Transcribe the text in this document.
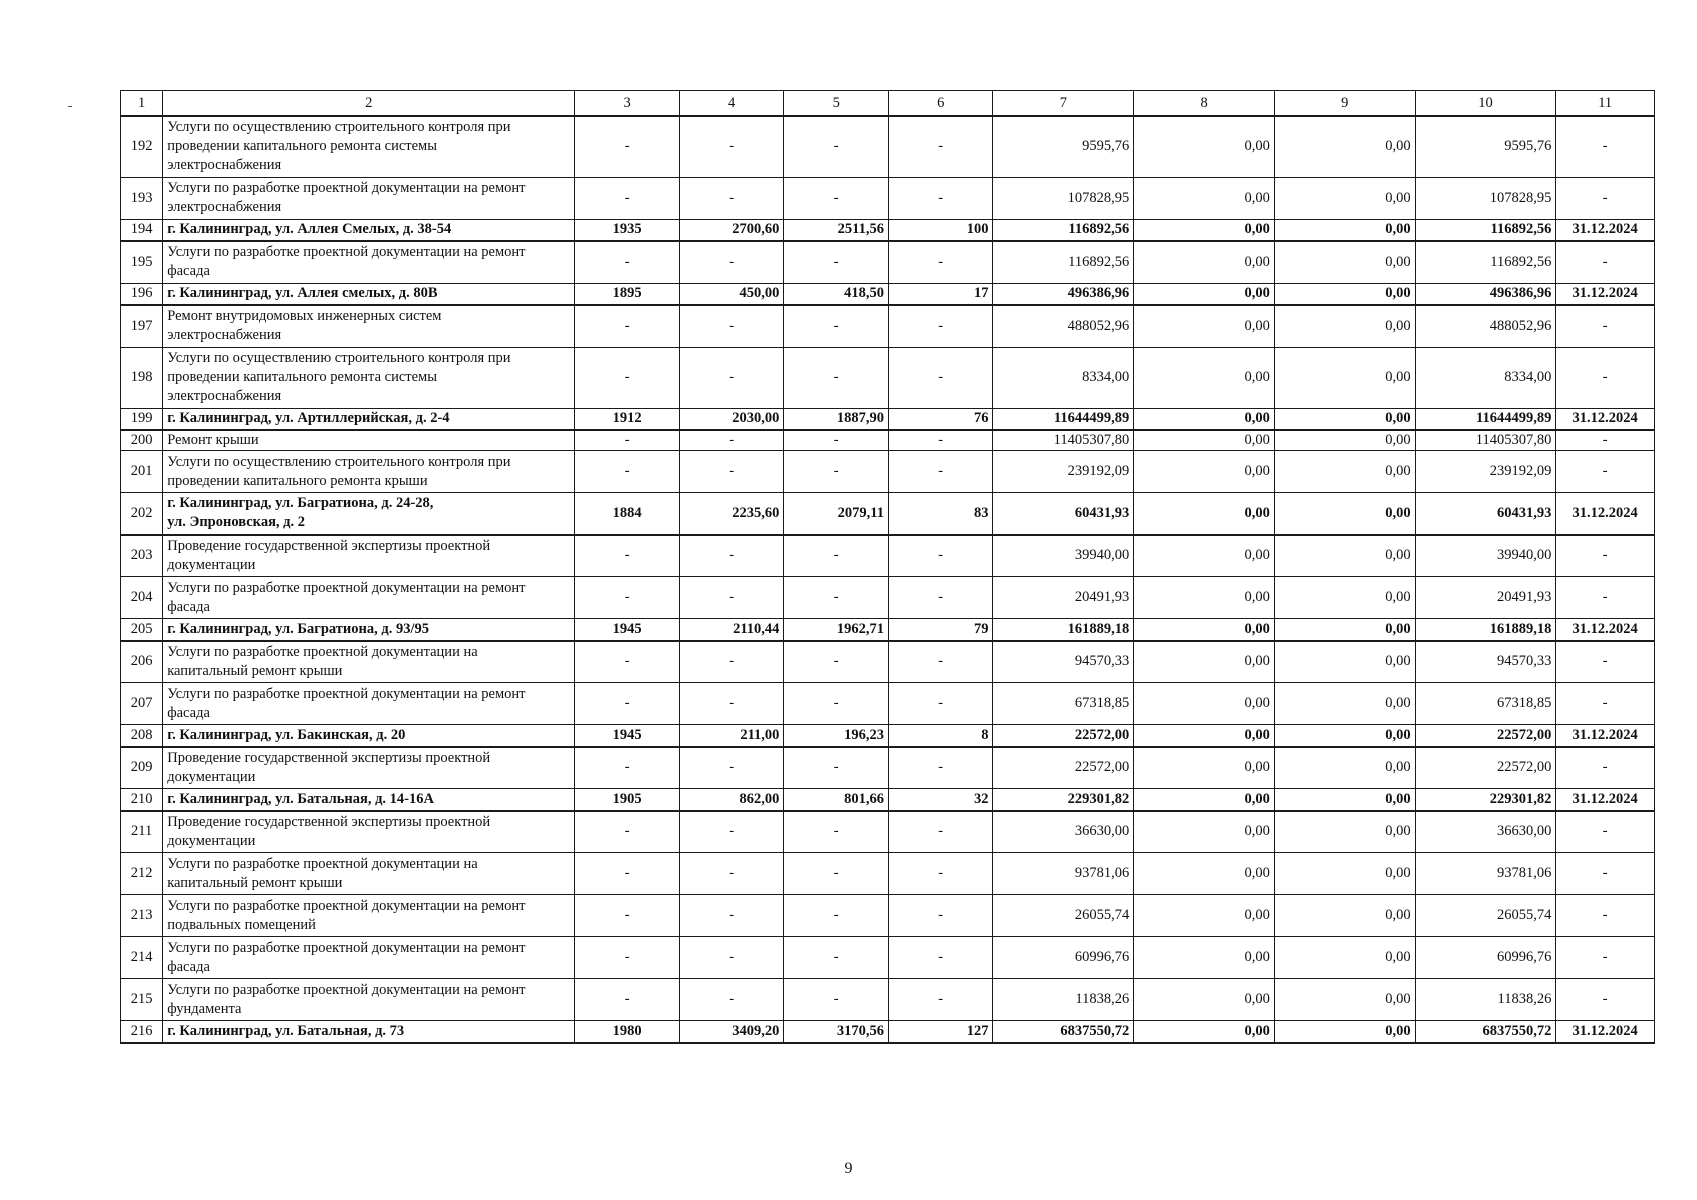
1	2	3	4	5	6	7	8	9	10	11
192	Услуги по осуществлению строительного контроля при
проведении капитального ремонта системы
электроснабжения	-	-	-	-	9595,76	0,00	0,00	9595,76	-
193	Услуги по разработке проектной документации на ремонт
электроснабжения	-	-	-	-	107828,95	0,00	0,00	107828,95	-
194	г. Калининград, ул. Аллея Смелых, д. 38-54	1935	2700,60	2511,56	100	116892,56	0,00	0,00	116892,56	31.12.2024
195	Услуги по разработке проектной документации на ремонт
фасада	-	-	-	-	116892,56	0,00	0,00	116892,56	-
196	г. Калининград, ул. Аллея смелых, д. 80В	1895	450,00	418,50	17	496386,96	0,00	0,00	496386,96	31.12.2024
197	Ремонт внутридомовых инженерных систем
электроснабжения	-	-	-	-	488052,96	0,00	0,00	488052,96	-
198	Услуги по осуществлению строительного контроля при
проведении капитального ремонта системы
электроснабжения	-	-	-	-	8334,00	0,00	0,00	8334,00	-
199	г. Калининград, ул. Артиллерийская, д. 2-4	1912	2030,00	1887,90	76	11644499,89	0,00	0,00	11644499,89	31.12.2024
200	Ремонт крыши	-	-	-	-	11405307,80	0,00	0,00	11405307,80	-
201	Услуги по осуществлению строительного контроля при
проведении капитального ремонта крыши	-	-	-	-	239192,09	0,00	0,00	239192,09	-
202	г. Калининград, ул. Багратиона, д. 24-28,
ул. Эпроновская, д. 2	1884	2235,60	2079,11	83	60431,93	0,00	0,00	60431,93	31.12.2024
203	Проведение государственной экспертизы проектной
документации	-	-	-	-	39940,00	0,00	0,00	39940,00	-
204	Услуги по разработке проектной документации на ремонт
фасада	-	-	-	-	20491,93	0,00	0,00	20491,93	-
205	г. Калининград, ул. Багратиона, д. 93/95	1945	2110,44	1962,71	79	161889,18	0,00	0,00	161889,18	31.12.2024
206	Услуги по разработке проектной документации на
капитальный ремонт крыши	-	-	-	-	94570,33	0,00	0,00	94570,33	-
207	Услуги по разработке проектной документации на ремонт
фасада	-	-	-	-	67318,85	0,00	0,00	67318,85	-
208	г. Калининград, ул. Бакинская, д. 20	1945	211,00	196,23	8	22572,00	0,00	0,00	22572,00	31.12.2024
209	Проведение государственной экспертизы проектной
документации	-	-	-	-	22572,00	0,00	0,00	22572,00	-
210	г. Калининград, ул. Батальная, д. 14-16А	1905	862,00	801,66	32	229301,82	0,00	0,00	229301,82	31.12.2024
211	Проведение государственной экспертизы проектной
документации	-	-	-	-	36630,00	0,00	0,00	36630,00	-
212	Услуги по разработке проектной документации на
капитальный ремонт крыши	-	-	-	-	93781,06	0,00	0,00	93781,06	-
213	Услуги по разработке проектной документации на ремонт
подвальных помещений	-	-	-	-	26055,74	0,00	0,00	26055,74	-
214	Услуги по разработке проектной документации на ремонт
фасада	-	-	-	-	60996,76	0,00	0,00	60996,76	-
215	Услуги по разработке проектной документации на ремонт
фундамента	-	-	-	-	11838,26	0,00	0,00	11838,26	-
216	г. Калининград, ул. Батальная, д. 73	1980	3409,20	3170,56	127	6837550,72	0,00	0,00	6837550,72	31.12.2024
9
